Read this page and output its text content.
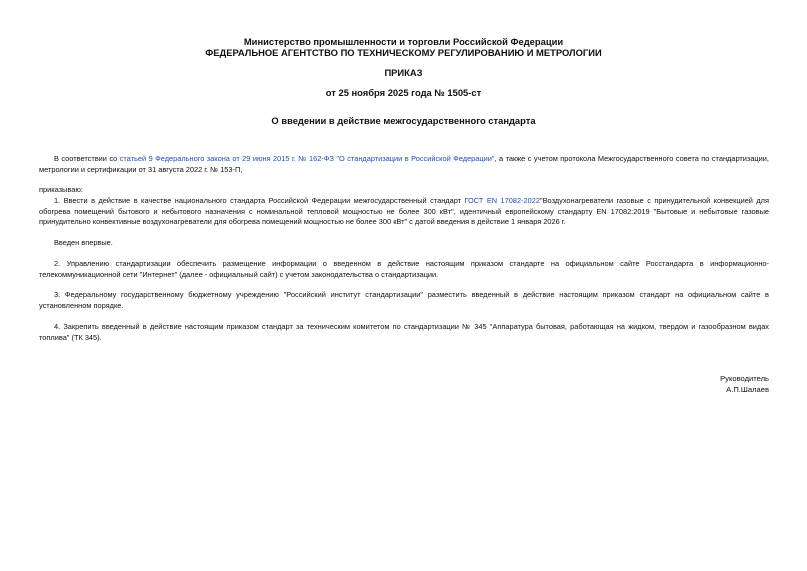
Министерство промышленности и торговли Российской Федерации
ФЕДЕРАЛЬНОЕ АГЕНТСТВО ПО ТЕХНИЧЕСКОМУ РЕГУЛИРОВАНИЮ И МЕТРОЛОГИИ
ПРИКАЗ
от 25 ноября 2025 года № 1505-ст
О введении в действие межгосударственного стандарта

В соответствии со статьей 9 Федерального закона от 29 июня 2015 г. № 162-ФЗ "О стандартизации в Российской Федерации", а также с учетом протокола Межгосударственного совета по стандартизации, метрологии и сертификации от 31 августа 2022 г. № 153-П,

приказываю:

1. Ввести в действие в качестве национального стандарта Российской Федерации межгосударственный стандарт ГОСТ EN 17082-2022"Воздухонагреватели газовые с принудительной конвекцией для обогрева помещений бытового и небытового назначения с номинальной тепловой мощностью не более 300 кВт", идентичный европейскому стандарту EN 17082:2019 "Бытовые и небытовые газовые принудительно конвективные воздухонагреватели для обогрева помещений мощностью не более 300 кВт" с датой введения в действие 1 января 2026 г.

Введен впервые.

2. Управлению стандартизации обеспечить размещение информации о введенном в действие настоящим приказом стандарте на официальном сайте Росстандарта в информационно-телекоммуникационной сети "Интернет" (далее - официальный сайт) с учетом законодательства о стандартизации.

3. Федеральному государственному бюджетному учреждению "Российский институт стандартизации" разместить введенный в действие настоящим приказом стандарт на официальном сайте в установленном порядке.

4. Закрепить введенный в действие настоящим приказом стандарт за техническим комитетом по стандартизации № 345 "Аппаратура бытовая, работающая на жидком, твердом и газообразном видах топлива" (ТК 345).

Руководитель
А.П.Шалаев
